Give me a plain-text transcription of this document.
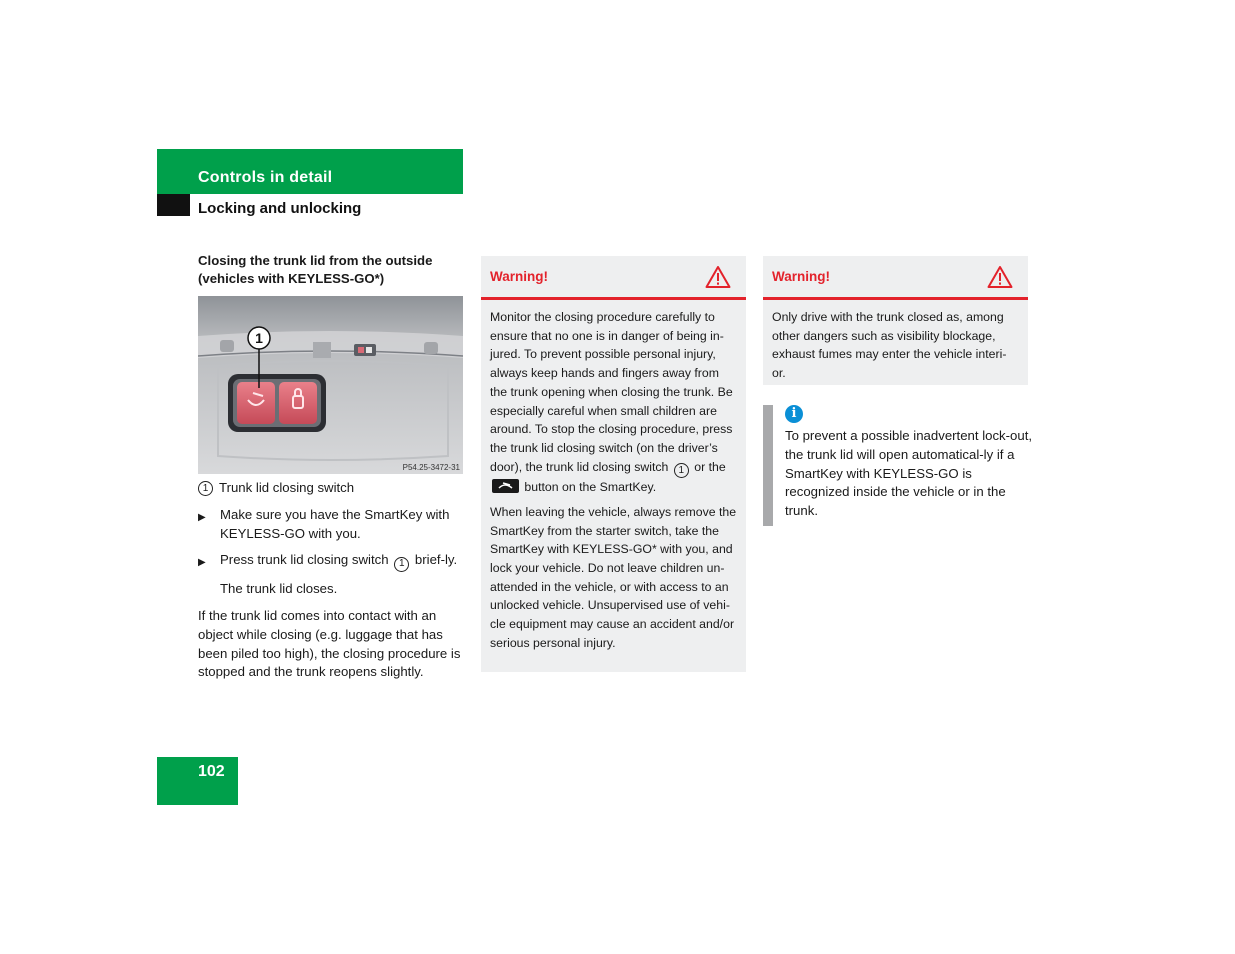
Controls in detail
Locking and unlocking
Closing the trunk lid from the outside (vehicles with KEYLESS-GO*)
1
P54.25-3472-31
1 Trunk lid closing switch
▶	Make sure you have the SmartKey with KEYLESS-GO with you.
▶	Press trunk lid closing switch 1 brief-ly.
The trunk lid closes.
If the trunk lid comes into contact with an object while closing (e.g. luggage that has been piled too high), the closing procedure is stopped and the trunk reopens slightly.
Warning!

Monitor the closing procedure carefully to ensure that no one is in danger of being in-jured. To prevent possible personal injury, always keep hands and fingers away from the trunk opening when closing the trunk. Be especially careful when small children are around. To stop the closing procedure, press the trunk lid closing switch (on the driver’s door), the trunk lid closing switch 1 or the
button on the SmartKey.

When leaving the vehicle, always remove the SmartKey from the starter switch, take the SmartKey with KEYLESS-GO* with you, and lock your vehicle. Do not leave children un-attended in the vehicle, or with access to an unlocked vehicle. Unsupervised use of vehi-cle equipment may cause an accident and/or serious personal injury.

Warning!

Only drive with the trunk closed as, among other dangers such as visibility blockage, exhaust fumes may enter the vehicle interi-or.

i
To prevent a possible inadvertent lock-out, the trunk lid will open automatical-ly if a SmartKey with KEYLESS-GO is recognized inside the vehicle or in the trunk.
102
